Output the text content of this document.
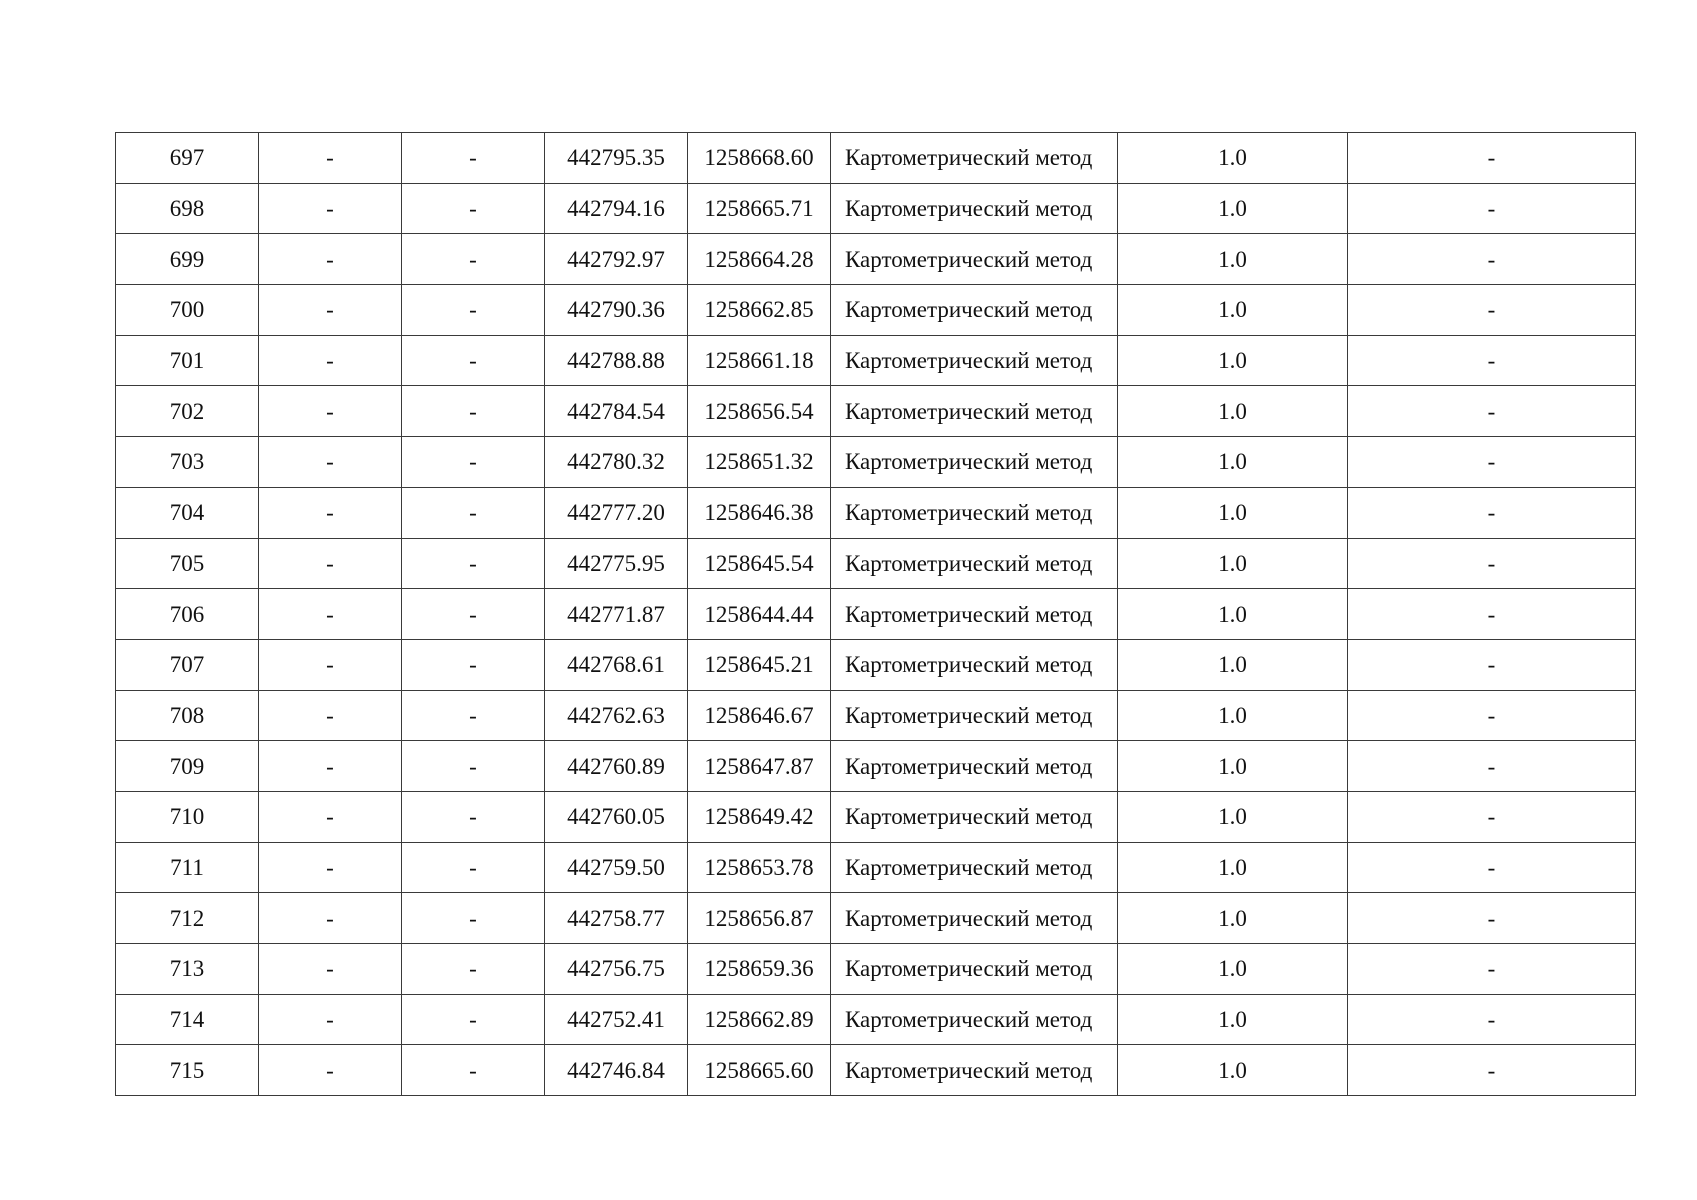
697	-	-	442795.35	1258668.60	Картометрический метод	1.0	-
698	-	-	442794.16	1258665.71	Картометрический метод	1.0	-
699	-	-	442792.97	1258664.28	Картометрический метод	1.0	-
700	-	-	442790.36	1258662.85	Картометрический метод	1.0	-
701	-	-	442788.88	1258661.18	Картометрический метод	1.0	-
702	-	-	442784.54	1258656.54	Картометрический метод	1.0	-
703	-	-	442780.32	1258651.32	Картометрический метод	1.0	-
704	-	-	442777.20	1258646.38	Картометрический метод	1.0	-
705	-	-	442775.95	1258645.54	Картометрический метод	1.0	-
706	-	-	442771.87	1258644.44	Картометрический метод	1.0	-
707	-	-	442768.61	1258645.21	Картометрический метод	1.0	-
708	-	-	442762.63	1258646.67	Картометрический метод	1.0	-
709	-	-	442760.89	1258647.87	Картометрический метод	1.0	-
710	-	-	442760.05	1258649.42	Картометрический метод	1.0	-
711	-	-	442759.50	1258653.78	Картометрический метод	1.0	-
712	-	-	442758.77	1258656.87	Картометрический метод	1.0	-
713	-	-	442756.75	1258659.36	Картометрический метод	1.0	-
714	-	-	442752.41	1258662.89	Картометрический метод	1.0	-
715	-	-	442746.84	1258665.60	Картометрический метод	1.0	-
